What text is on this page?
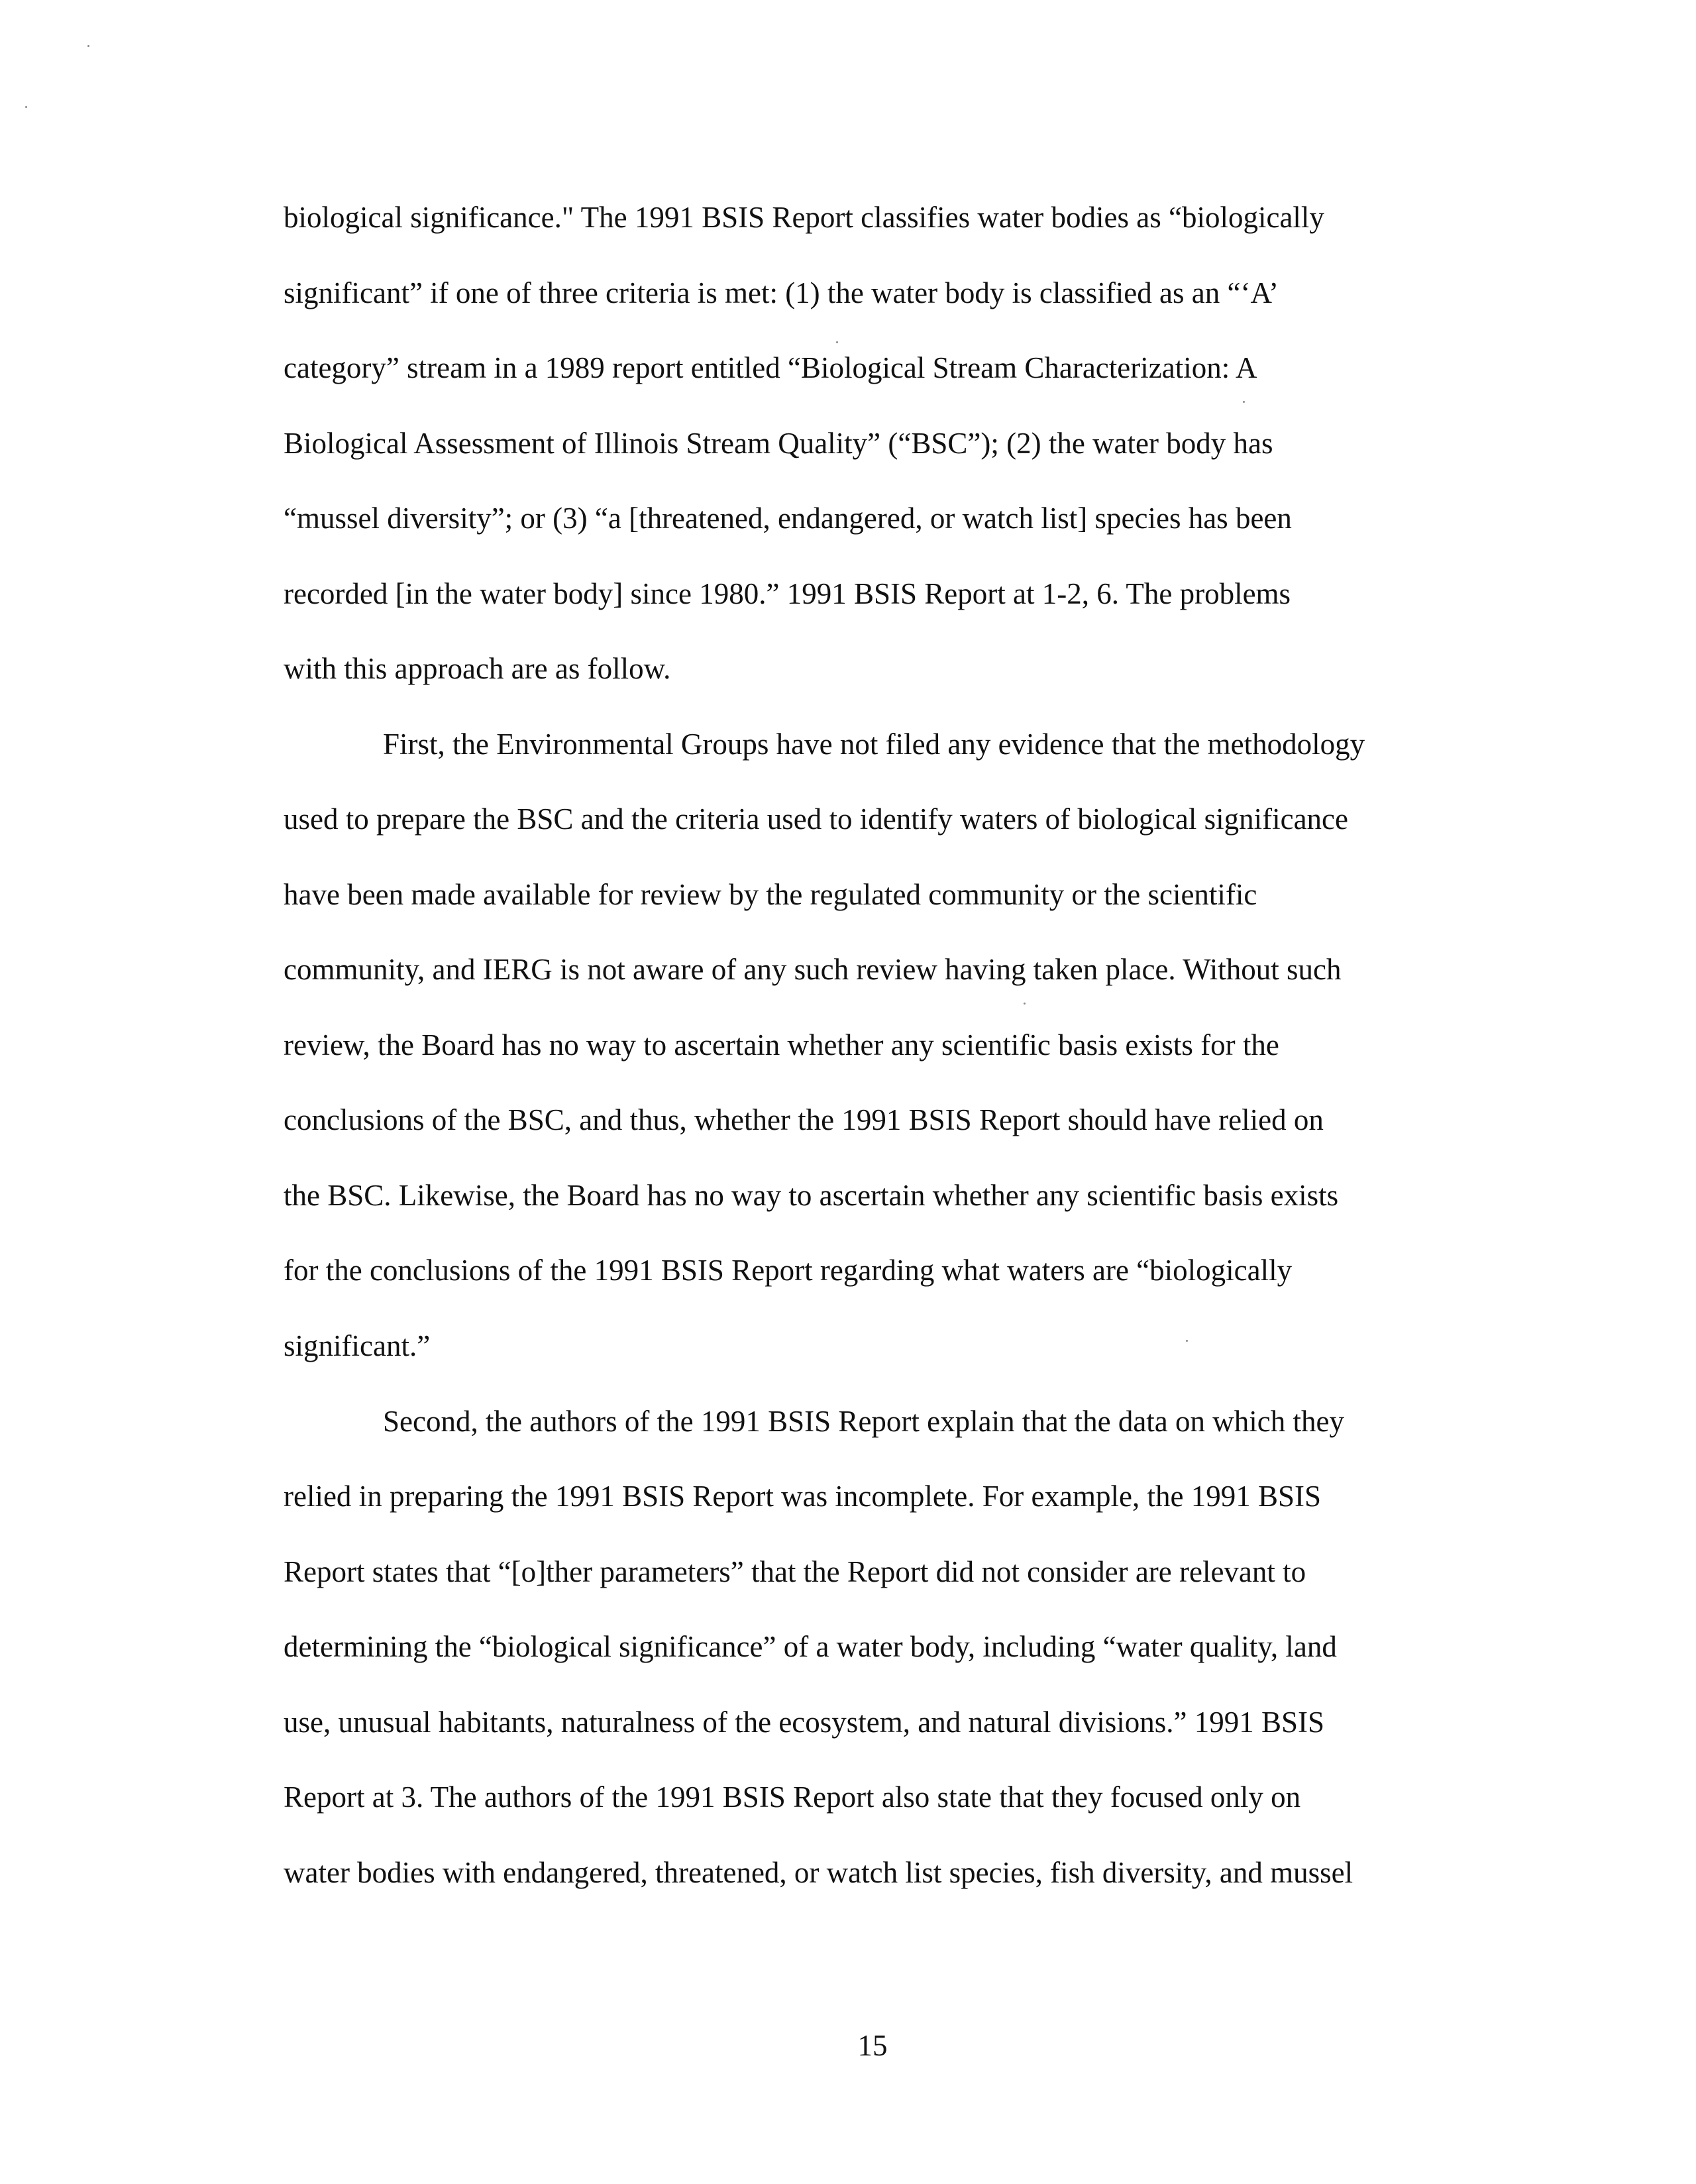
biological significance." The 1991 BSIS Report classifies water bodies as “biologically

significant” if one of three criteria is met: (1) the water body is classified as an “‘A’

category” stream in a 1989 report entitled “Biological Stream Characterization: A

Biological Assessment of Illinois Stream Quality” (“BSC”); (2) the water body has

“mussel diversity”; or (3) “a [threatened, endangered, or watch list] species has been

recorded [in the water body] since 1980.” 1991 BSIS Report at 1-2, 6. The problems

with this approach are as follow.

First, the Environmental Groups have not filed any evidence that the methodology

used to prepare the BSC and the criteria used to identify waters of biological significance

have been made available for review by the regulated community or the scientific

community, and IERG is not aware of any such review having taken place. Without such

review, the Board has no way to ascertain whether any scientific basis exists for the

conclusions of the BSC, and thus, whether the 1991 BSIS Report should have relied on

the BSC. Likewise, the Board has no way to ascertain whether any scientific basis exists

for the conclusions of the 1991 BSIS Report regarding what waters are “biologically

significant.”

Second, the authors of the 1991 BSIS Report explain that the data on which they

relied in preparing the 1991 BSIS Report was incomplete. For example, the 1991 BSIS

Report states that “[o]ther parameters” that the Report did not consider are relevant to

determining the “biological significance” of a water body, including “water quality, land

use, unusual habitants, naturalness of the ecosystem, and natural divisions.” 1991 BSIS

Report at 3. The authors of the 1991 BSIS Report also state that they focused only on

water bodies with endangered, threatened, or watch list species, fish diversity, and mussel

15
